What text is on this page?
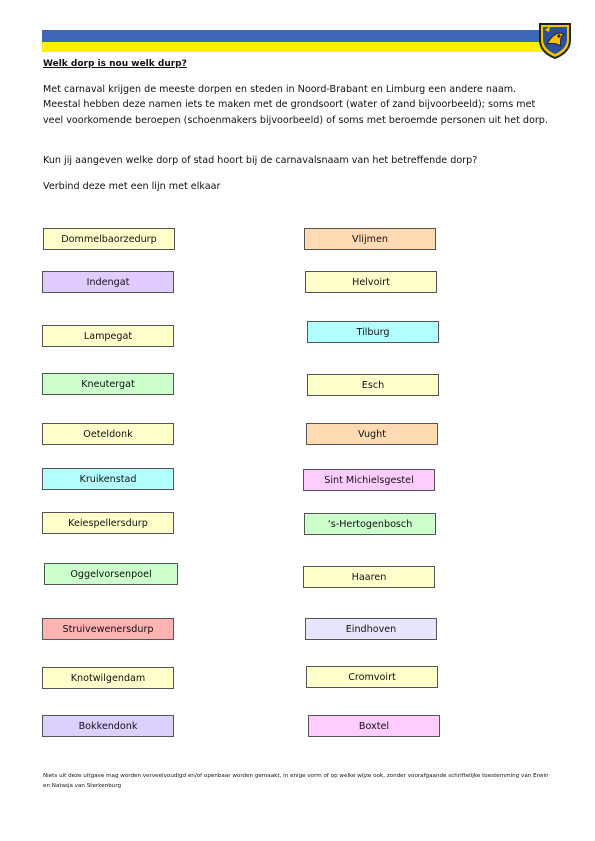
Welk dorp is nou welk durp?
Met carnaval krijgen de meeste dorpen en steden in Noord-Brabant en Limburg een andere naam. Meestal hebben deze namen iets te maken met de grondsoort (water of zand bijvoorbeeld); soms met veel voorkomende beroepen (schoenmakers bijvoorbeeld) of soms met beroemde personen uit het dorp.
Kun jij aangeven welke dorp of stad hoort bij de carnavalsnaam van het betreffende dorp?
Verbind deze met een lijn met elkaar
Dommelbaorzedurp
Indengat
Lampegat
Kneutergat
Oeteldonk
Kruikenstad
Keiespellersdurp
Oggelvorsenpoel
Struivewenersdurp
Knotwilgendam
Bokkendonk
Vlijmen
Helvoirt
Tilburg
Esch
Vught
Sint Michielsgestel
‘s-Hertogenbosch
Haaren
Eindhoven
Cromvoirt
Boxtel
Niets uit deze uitgave mag worden verveelvoudigd en/of openbaar worden gemaakt, in enige vorm of op welke wijze ook, zonder voorafgaande schriftelijke toestemming van Erwin en Natasja van Sterkenburg
